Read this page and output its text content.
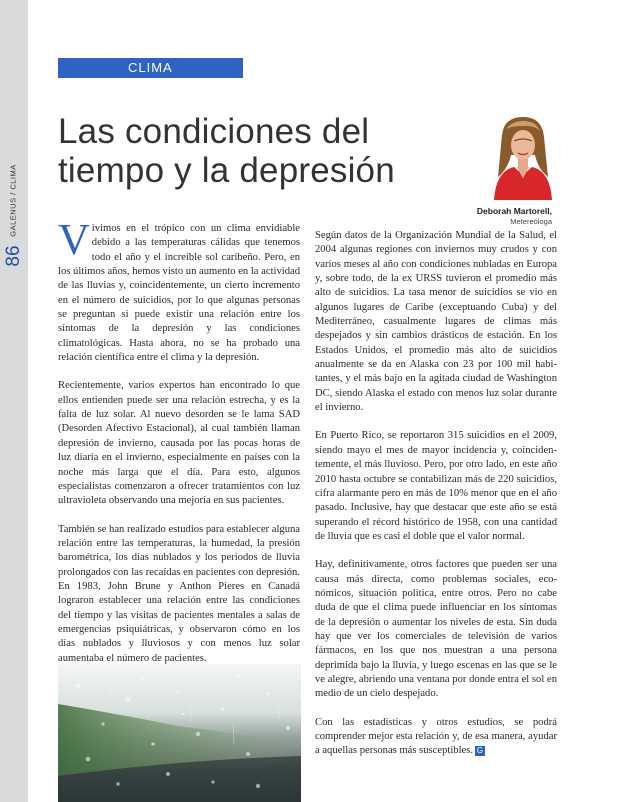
86
GALENUS / CLIMA
CLIMA
Las condiciones del tiempo y la depresión
Deborah Martorell,
Metereóloga

Vivimos en el trópico con un clima envidiable debido a las temperaturas cálidas que tenemos todo el año y el increíble sol caribeño. Pero, en los últimos años, hemos visto un aumento en la actividad de las lluvias y, coincidentemente, un cierto incremento en el número de suicidios, por lo que algunas personas se preguntan si puede existir una relación entre los síntomas de la depresión y las condiciones climatológicas. Hasta ahora, no se ha probado una relación científica entre el clima y la depresión.

Recientemente, varios expertos han encontrado lo que ellos entienden puede ser una relación estrecha, y es la falta de luz solar. Al nuevo desorden se le lama SAD (Desorden Afectivo Estacional), al cual también llaman depresión de invierno, causada por las pocas horas de luz diaria en el invierno, especialmente en países con la noche más larga que el día. Para esto, algunos especialistas comenzaron a ofrecer tratamientos con luz ultravioleta observando una mejoría en sus pacientes.

También se han realizado estudios para establecer alguna relación entre las temperaturas, la humedad, la presión barométrica, los días nublados y los periodos de lluvia prolongados con las recaídas en pacientes con depresión. En 1983, John Brune y Anthon Pieres en Canadá lograron establecer una relación entre las condiciones del tiempo y las visitas de pacientes mentales a salas de emergencias psiquiátricas, y observaron cómo en los días nublados y lluviosos y con menos luz solar aumentaba el número de pacientes.

Según datos de la Organización Mundial de la Salud, el 2004 algunas regiones con inviernos muy crudos y con varios meses al año con condiciones nubladas en Europa y, sobre todo, de la ex URSS tuvieron el promedio más alto de suicidios. La tasa menor de suicidios se vio en algunos lugares de Caribe (exceptuando Cuba) y del Mediterráneo, casualmente lugares de climas más despejados y sin cambios drásticos de estación. En los Estados Unidos, el promedio más alto de suicidios anualmente se da en Alaska con 23 por 100 mil habitantes, y el más bajo en la agitada ciudad de Washington DC, siendo Alaska el estado con menos luz solar durante el invierno.

En Puerto Rico, se reportaron 315 suicidios en el 2009, siendo mayo el mes de mayor incidencia y, coincidentemente, el más lluvioso. Pero, por otro lado, en este año 2010 hasta octubre se contabilizan más de 220 suicidios, cifra alarmante pero en más de 10% menor que en el año pasado. Inclusive, hay que destacar que este año se está superando el récord histórico de 1958, con una cantidad de lluvia que es casi el doble que el valor normal.

Hay, definitivamente, otros factores que pueden ser una causa más directa, como problemas sociales, económicos, situación política, entre otros. Pero no cabe duda de que el clima puede influenciar en los síntomas de la depresión o aumentar los niveles de esta. Sin duda hay que ver los comerciales de televisión de varios fármacos, en los que nos muestran a una persona deprimida bajo la lluvia, y luego escenas en las que se le ve alegre, abriendo una ventana por donde entra el sol en medio de un cielo despejado.

Con las estadísticas y otros estudios, se podrá comprender mejor esta relación y, de esa manera, ayudar a aquellas personas más susceptibles. G
